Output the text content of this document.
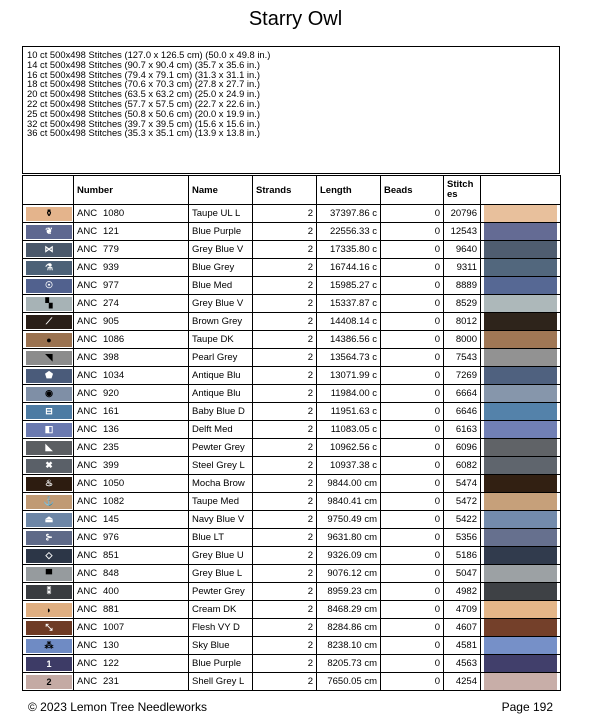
Starry Owl
10 ct 500x498 Stitches (127.0 x 126.5 cm) (50.0 x 49.8 in.)
14 ct 500x498 Stitches (90.7 x 90.4 cm) (35.7 x 35.6 in.)
16 ct 500x498 Stitches (79.4 x 79.1 cm) (31.3 x 31.1 in.)
18 ct 500x498 Stitches (70.6 x 70.3 cm) (27.8 x 27.7 in.)
20 ct 500x498 Stitches (63.5 x 63.2 cm) (25.0 x 24.9 in.)
22 ct 500x498 Stitches (57.7 x 57.5 cm) (22.7 x 22.6 in.)
25 ct 500x498 Stitches (50.8 x 50.6 cm) (20.0 x 19.9 in.)
32 ct 500x498 Stitches (39.7 x 39.5 cm) (15.6 x 15.6 in.)
36 ct 500x498 Stitches (35.3 x 35.1 cm) (13.9 x 13.8 in.)
	Number	Name	Strands	Length	Beads	Stitch
es	

⚱	ANC 1080	Taupe UL L	2	37397.86 c	0	20796	

❦	ANC 121	Blue Purple	2	22556.33 c	0	12543	

⋈	ANC 779	Grey Blue V	2	17335.80 c	0	9640	

⚗	ANC 939	Blue Grey	2	16744.16 c	0	9311	

☉	ANC 977	Blue Med	2	15985.27 c	0	8889	

▚	ANC 274	Grey Blue V	2	15337.87 c	0	8529	

⟋	ANC 905	Brown Grey	2	14408.14 c	0	8012	

●	ANC 1086	Taupe DK	2	14386.56 c	0	8000	

◥	ANC 398	Pearl Grey	2	13564.73 c	0	7543	

⬟	ANC 1034	Antique Blu	2	13071.99 c	0	7269	

◉	ANC 920	Antique Blu	2	11984.00 c	0	6664	

⊟	ANC 161	Baby Blue D	2	11951.63 c	0	6646	

◧	ANC 136	Delft Med	2	11083.05 c	0	6163	

◣	ANC 235	Pewter Grey	2	10962.56 c	0	6096	

✖	ANC 399	Steel Grey L	2	10937.38 c	0	6082	

♨	ANC 1050	Mocha Brow	2	9844.00 cm	0	5474	

⚓	ANC 1082	Taupe Med	2	9840.41 cm	0	5472	

⏏	ANC 145	Navy Blue V	2	9750.49 cm	0	5422	

⊱	ANC 976	Blue LT	2	9631.80 cm	0	5356	

◇	ANC 851	Grey Blue U	2	9326.09 cm	0	5186	

▀	ANC 848	Grey Blue L	2	9076.12 cm	0	5047	

⁑	ANC 400	Pewter Grey	2	8959.23 cm	0	4982	

◗	ANC 881	Cream DK	2	8468.29 cm	0	4709	

⤡	ANC 1007	Flesh VY D	2	8284.86 cm	0	4607	

⁂	ANC 130	Sky Blue	2	8238.10 cm	0	4581	

1	ANC 122	Blue Purple	2	8205.73 cm	0	4563	

2	ANC 231	Shell Grey L	2	7650.05 cm	0	4254	
© 2023 Lemon Tree Needleworks	Page 192
